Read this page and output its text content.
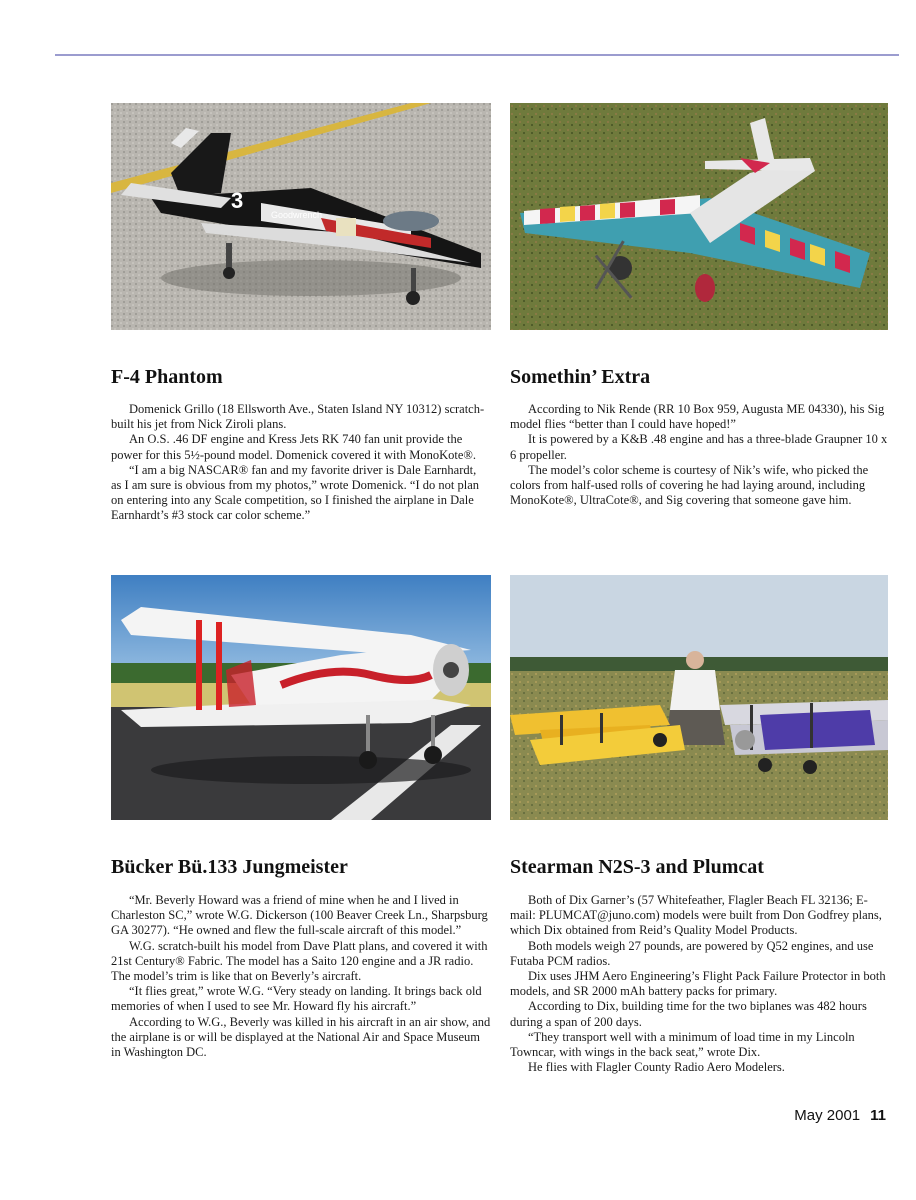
3
Goodwrench
F-4 Phantom

Domenick Grillo (18 Ellsworth Ave., Staten Island NY 10312) scratch-built his jet from Nick Ziroli plans.

An O.S. .46 DF engine and Kress Jets RK 740 fan unit provide the power for this 5½-pound model. Domenick covered it with MonoKote®.

“I am a big NASCAR® fan and my favorite driver is Dale Earnhardt, as I am sure is obvious from my photos,” wrote Domenick. “I do not plan on entering into any Scale competition, so I finished the airplane in Dale Earnhardt’s #3 stock car color scheme.”

Somethin’ Extra

According to Nik Rende (RR 10 Box 959, Augusta ME 04330), his Sig model flies “better than I could have hoped!”

It is powered by a K&B .48 engine and has a three-blade Graupner 10 x 6 propeller.

The model’s color scheme is courtesy of Nik’s wife, who picked the colors from half-used rolls of covering he had laying around, including MonoKote®, UltraCote®, and Sig covering that someone gave him.

Bücker Bü.133 Jungmeister

“Mr. Beverly Howard was a friend of mine when he and I lived in Charleston SC,” wrote W.G. Dickerson (100 Beaver Creek Ln., Sharpsburg GA 30277). “He owned and flew the full-scale aircraft of this model.”

W.G. scratch-built his model from Dave Platt plans, and covered it with 21st Century® Fabric. The model has a Saito 120 engine and a JR radio. The model’s trim is like that on Beverly’s aircraft.

“It flies great,” wrote W.G. “Very steady on landing. It brings back old memories of when I used to see Mr. Howard fly his aircraft.”

According to W.G., Beverly was killed in his aircraft in an air show, and the airplane is or will be displayed at the National Air and Space Museum in Washington DC.

Stearman N2S-3 and Plumcat

Both of Dix Garner’s (57 Whitefeather, Flagler Beach FL 32136; E-mail: PLUMCAT@juno.com) models were built from Don Godfrey plans, which Dix obtained from Reid’s Quality Model Products.

Both models weigh 27 pounds, are powered by Q52 engines, and use Futaba PCM radios.

Dix uses JHM Aero Engineering’s Flight Pack Failure Protector in both models, and SR 2000 mAh battery packs for primary.

According to Dix, building time for the two biplanes was 482 hours during a span of 200 days.

“They transport well with a minimum of load time in my Lincoln Towncar, with wings in the back seat,” wrote Dix.

He flies with Flagler County Radio Aero Modelers.

May 2001 11
